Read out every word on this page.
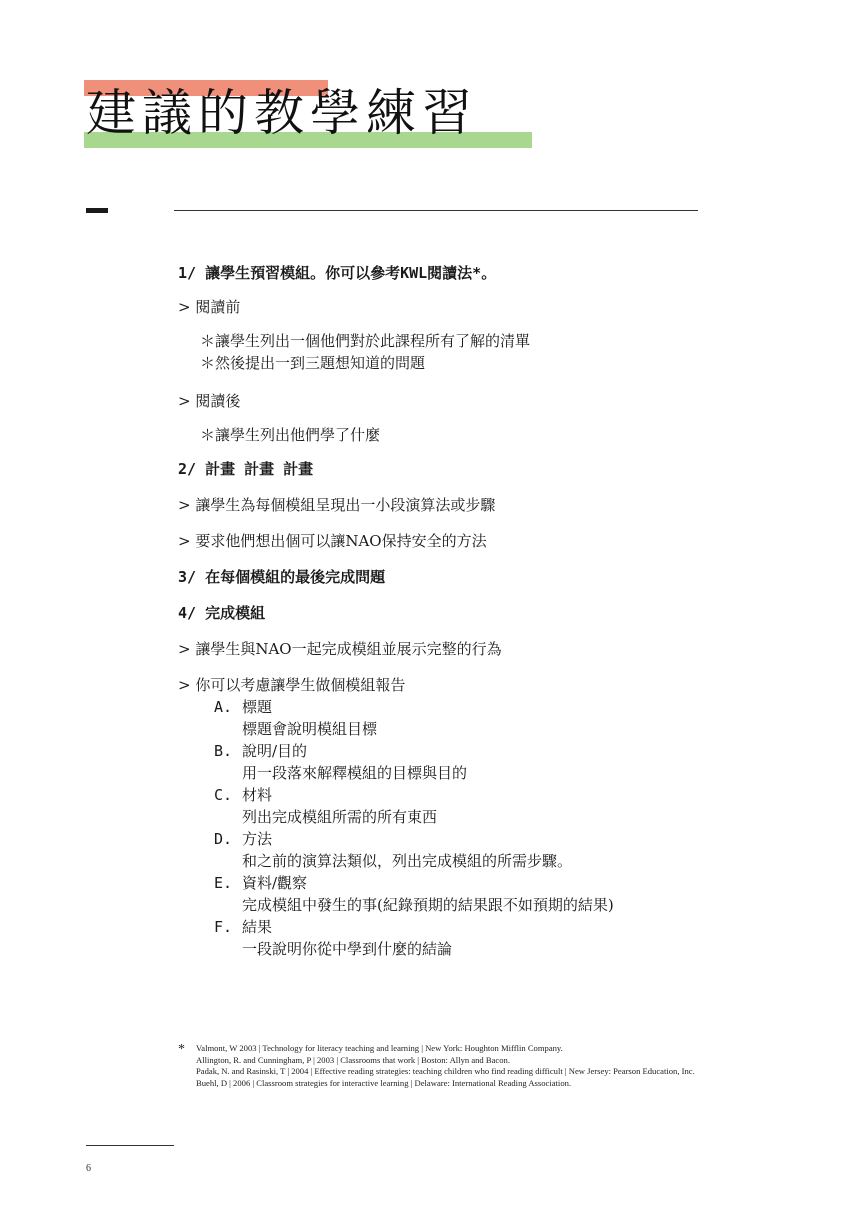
建議的教學練習
1/ 讓學生預習模組。你可以參考KWL閱讀法*。
> 閱讀前
＊讓學生列出一個他們對於此課程所有了解的清單
＊然後提出一到三題想知道的問題
> 閱讀後
＊讓學生列出他們學了什麼
2/ 計畫 計畫 計畫
> 讓學生為每個模組呈現出一小段演算法或步驟
> 要求他們想出個可以讓NAO保持安全的方法
3/ 在每個模組的最後完成問題
4/ 完成模組
> 讓學生與NAO一起完成模組並展示完整的行為
> 你可以考慮讓學生做個模組報告
A. 標題
標題會說明模組目標
B. 說明/目的
用一段落來解釋模組的目標與目的
C. 材料
列出完成模組所需的所有東西
D. 方法
和之前的演算法類似，列出完成模組的所需步驟。
E. 資料/觀察
完成模組中發生的事(紀錄預期的結果跟不如預期的結果)
F. 結果
一段說明你從中學到什麼的結論
*	Valmont, W 2003 | Technology for literacy teaching and learning | New York: Houghton Mifflin Company.
Allington, R. and Cunningham, P | 2003 | Classrooms that work | Boston: Allyn and Bacon.
Padak, N. and Rasinski, T | 2004 | Effective reading strategies: teaching children who find reading difficult | New Jersey: Pearson Education, Inc.
Buehl, D | 2006 | Classroom strategies for interactive learning | Delaware: International Reading Association.
6
